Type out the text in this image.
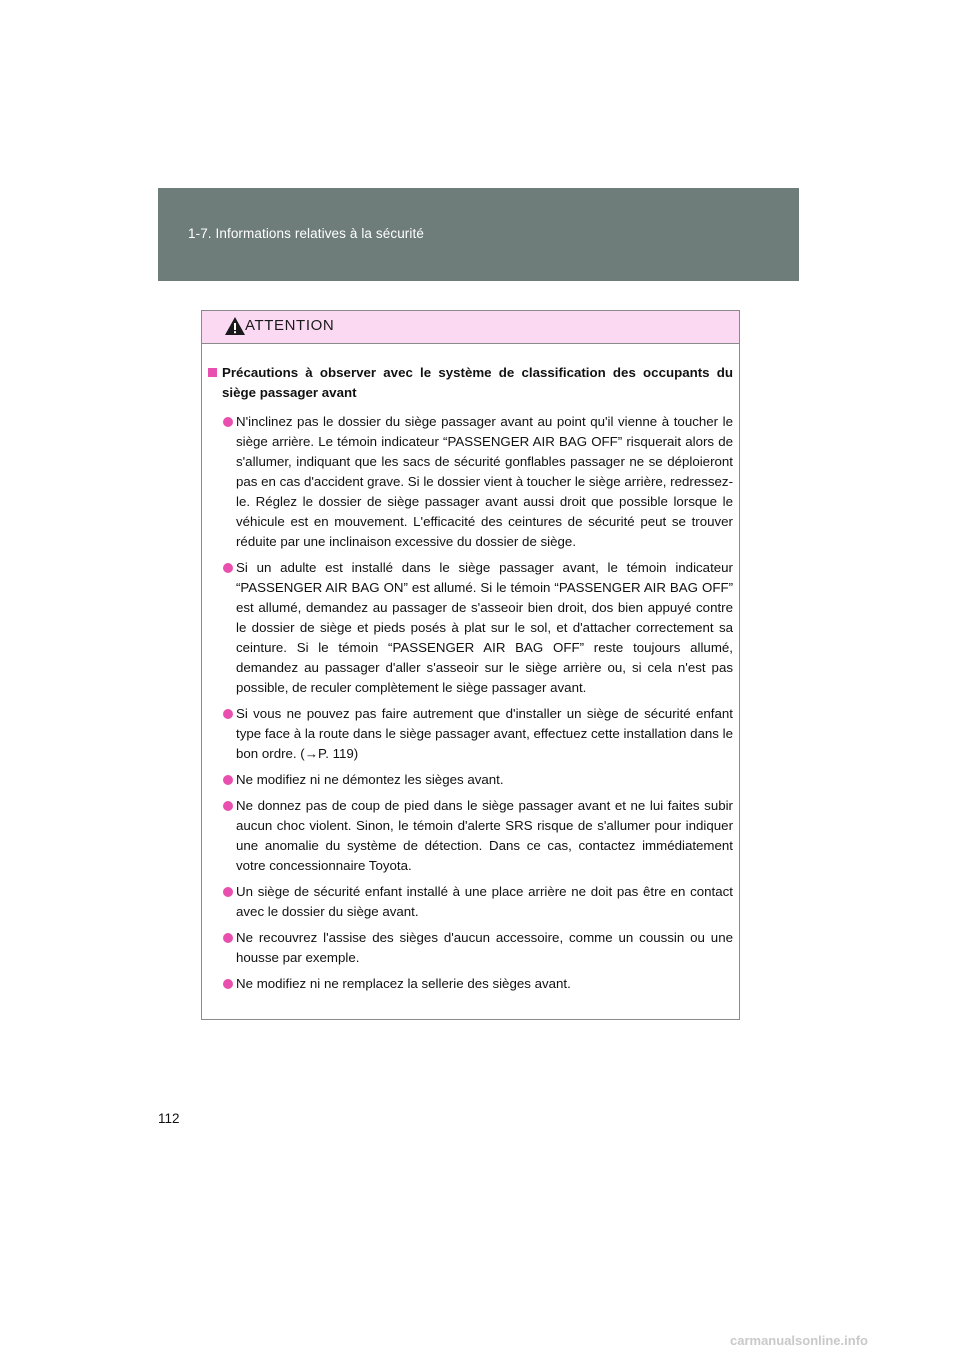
1-7. Informations relatives à la sécurité
ATTENTION
Précautions à observer avec le système de classification des occupants du siège passager avant
N'inclinez pas le dossier du siège passager avant au point qu'il vienne à toucher le siège arrière. Le témoin indicateur “PASSENGER AIR BAG OFF” risquerait alors de s'allumer, indiquant que les sacs de sécurité gonflables passager ne se déploieront pas en cas d'accident grave. Si le dossier vient à toucher le siège arrière, redressez-le. Réglez le dossier de siège passager avant aussi droit que possible lorsque le véhicule est en mouvement. L'efficacité des ceintures de sécurité peut se trouver réduite par une inclinaison excessive du dossier de siège.
Si un adulte est installé dans le siège passager avant, le témoin indicateur “PASSENGER AIR BAG ON” est allumé. Si le témoin “PASSENGER AIR BAG OFF” est allumé, demandez au passager de s'asseoir bien droit, dos bien appuyé contre le dossier de siège et pieds posés à plat sur le sol, et d'attacher correctement sa ceinture. Si le témoin “PASSENGER AIR BAG OFF” reste toujours allumé, demandez au passager d'aller s'asseoir sur le siège arrière ou, si cela n'est pas possible, de reculer complètement le siège passager avant.
Si vous ne pouvez pas faire autrement que d'installer un siège de sécurité enfant type face à la route dans le siège passager avant, effectuez cette installation dans le bon ordre. (→P. 119)
Ne modifiez ni ne démontez les sièges avant.
Ne donnez pas de coup de pied dans le siège passager avant et ne lui faites subir aucun choc violent. Sinon, le témoin d'alerte SRS risque de s'allumer pour indiquer une anomalie du système de détection. Dans ce cas, contactez immédiatement votre concessionnaire Toyota.
Un siège de sécurité enfant installé à une place arrière ne doit pas être en contact avec le dossier du siège avant.
Ne recouvrez l'assise des sièges d'aucun accessoire, comme un coussin ou une housse par exemple.
Ne modifiez ni ne remplacez la sellerie des sièges avant.
112
carmanualsonline.info
